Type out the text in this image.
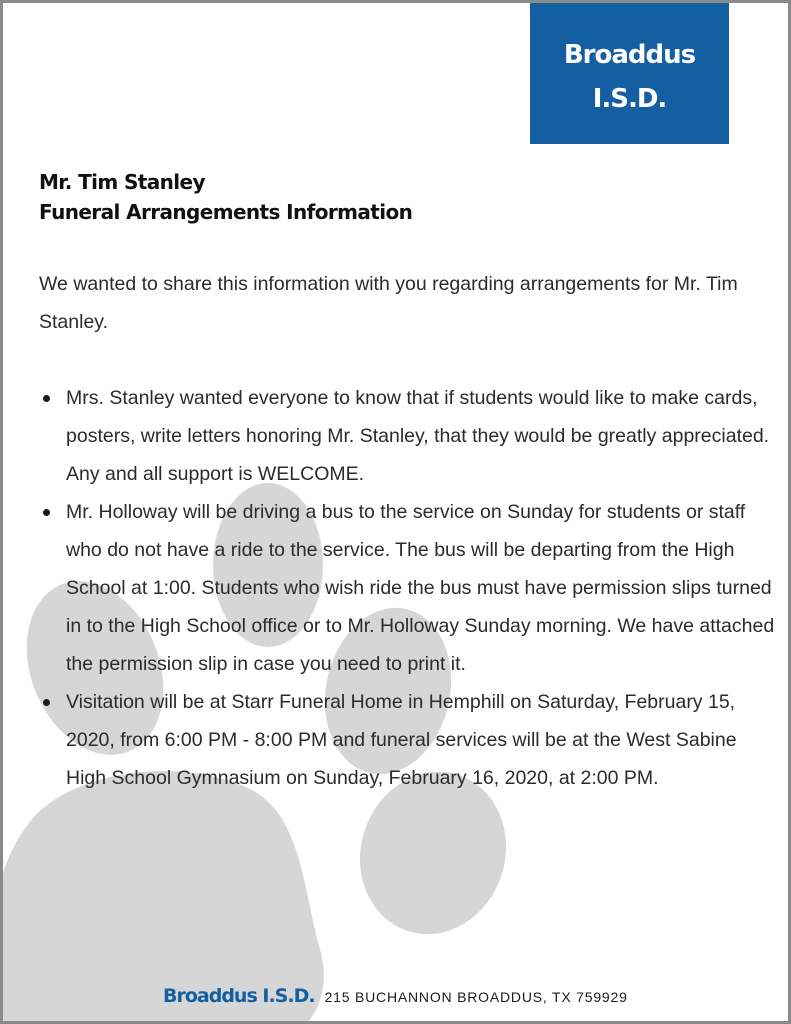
Broaddus
I.S.D.
Mr. Tim Stanley
Funeral Arrangements Information

We wanted to share this information with you regarding arrangements for Mr. Tim Stanley.

Mrs. Stanley wanted everyone to know that if students would like to make cards, posters, write letters honoring Mr. Stanley, that they would be greatly appreciated. Any and all support is WELCOME.
Mr. Holloway will be driving a bus to the service on Sunday for students or staff who do not have a ride to the service. The bus will be departing from the High School at 1:00. Students who wish ride the bus must have permission slips turned in to the High School office or to Mr. Holloway Sunday morning. We have attached the permission slip in case you need to print it.
Visitation will be at Starr Funeral Home in Hemphill on Saturday, February 15, 2020, from 6:00 PM - 8:00 PM and funeral services will be at the West Sabine High School Gymnasium on Sunday, February 16, 2020, at 2:00 PM.
Broaddus I.S.D. 215 BUCHANNON BROADDUS, TX 759929
